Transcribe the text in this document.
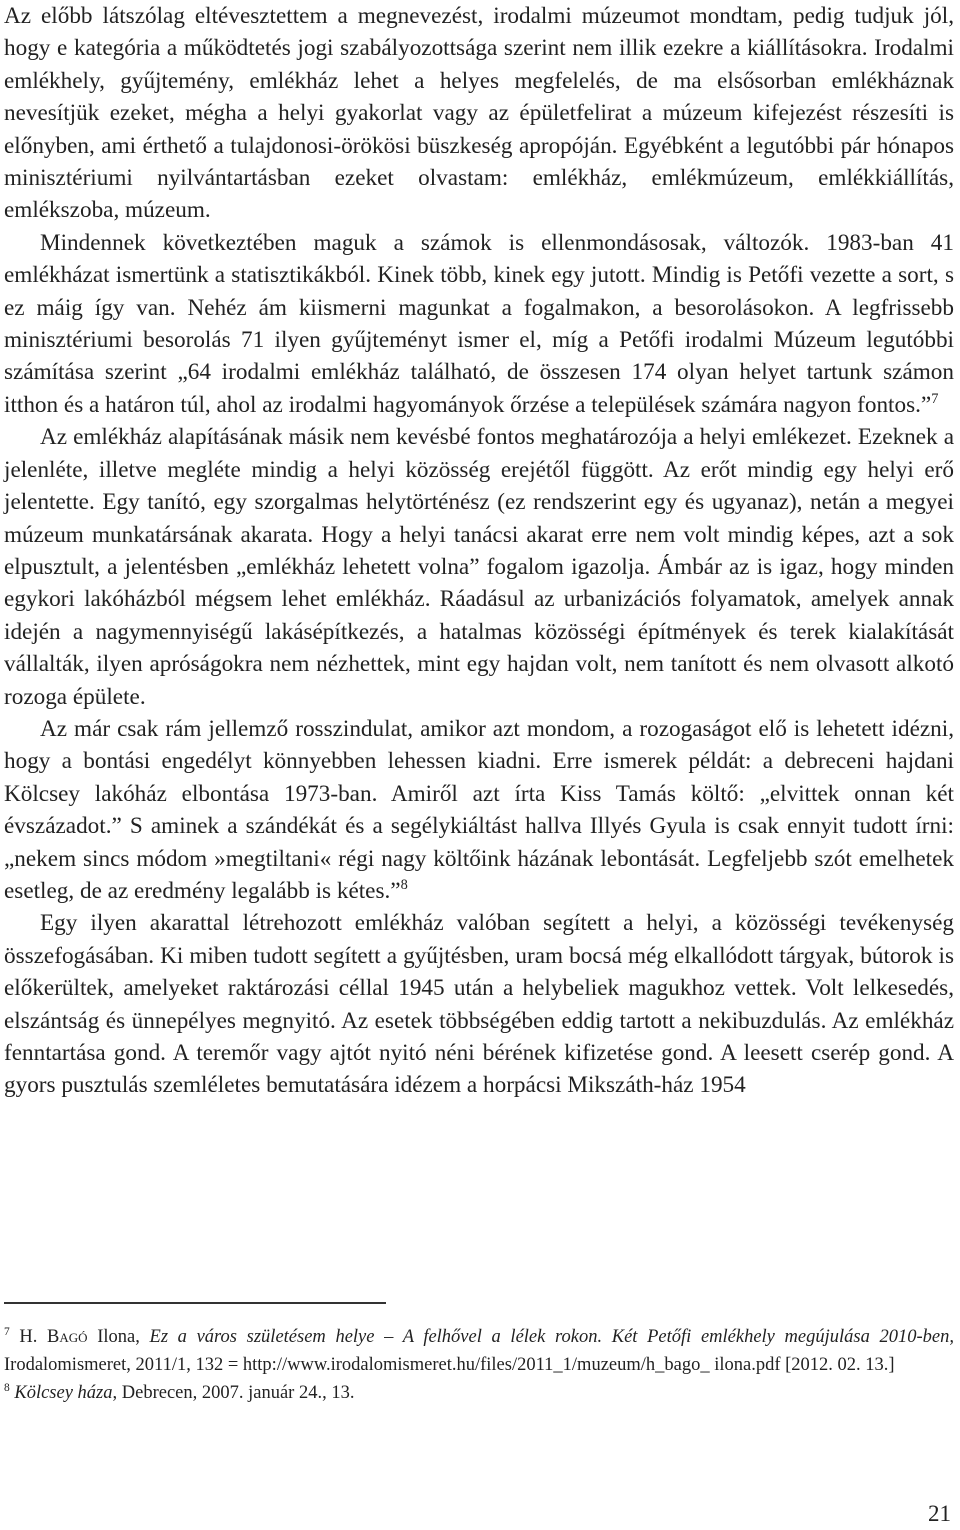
Az előbb látszólag eltévesztettem a megnevezést, irodalmi múzeumot mondtam, pedig tudjuk jól, hogy e kategória a működtetés jogi szabályozottsága szerint nem illik ezekre a kiállításokra. Irodalmi emlékhely, gyűjtemény, emlékház lehet a helyes megfelelés, de ma elsősorban emlékháznak nevesítjük ezeket, mégha a helyi gyakorlat vagy az épületfelirat a múzeum kifejezést részesíti is előnyben, ami érthető a tulajdonosi-örökösi büszkeség apropóján. Egyébként a legutóbbi pár hónapos minisztériumi nyilvántartásban ezeket olvastam: emlékház, emlékmúzeum, emlékkiállítás, emlékszoba, múzeum.

Mindennek következtében maguk a számok is ellenmondásosak, változók. 1983-ban 41 emlékházat ismertünk a statisztikákból. Kinek több, kinek egy jutott. Mindig is Petőfi vezette a sort, s ez máig így van. Nehéz ám kiismerni magunkat a fogalmakon, a besorolásokon. A legfrissebb minisztériumi besorolás 71 ilyen gyűjteményt ismer el, míg a Petőfi irodalmi Múzeum legutóbbi számítása szerint „64 irodalmi emlékház található, de összesen 174 olyan helyet tartunk számon itthon és a határon túl, ahol az irodalmi hagyományok őrzése a települések számára nagyon fontos.”$^7$

Az emlékház alapításának másik nem kevésbé fontos meghatározója a helyi emlékezet. Ezeknek a jelenléte, illetve megléte mindig a helyi közösség erejétől függött. Az erőt mindig egy helyi erő jelentette. Egy tanító, egy szorgalmas helytörténész (ez rendszerint egy és ugyanaz), netán a megyei múzeum munkatársának akarata. Hogy a helyi tanácsi akarat erre nem volt mindig képes, azt a sok elpusztult, a jelentésben „emlékház lehetett volna” fogalom igazolja. Ámbár az is igaz, hogy minden egykori lakóházból mégsem lehet emlékház. Ráadásul az urbanizációs folyamatok, amelyek annak idején a nagymennyiségű lakásépítkezés, a hatalmas közösségi építmények és terek kialakítását vállalták, ilyen apróságokra nem nézhettek, mint egy hajdan volt, nem tanított és nem olvasott alkotó rozoga épülete.

Az már csak rám jellemző rosszindulat, amikor azt mondom, a rozogaságot elő is lehetett idézni, hogy a bontási engedélyt könnyebben lehessen kiadni. Erre ismerek példát: a debreceni hajdani Kölcsey lakóház elbontása 1973-ban. Amiről azt írta Kiss Tamás költő: „elvittek onnan két évszázadot.” S aminek a szándékát és a segélykiáltást hallva Illyés Gyula is csak ennyit tudott írni: „nekem sincs módom »megtiltani« régi nagy költőink házának lebontását. Legfeljebb szót emelhetek esetleg, de az eredmény legalább is kétes.”$^8$

Egy ilyen akarattal létrehozott emlékház valóban segített a helyi, a közösségi tevékenység összefogásában. Ki miben tudott segített a gyűjtésben, uram bocsá még elkallódott tárgyak, bútorok is előkerültek, amelyeket raktározási céllal 1945 után a helybeliek magukhoz vettek. Volt lelkesedés, elszántság és ünnepélyes megnyitó. Az esetek többségében eddig tartott a nekibuzdulás. Az emlékház fenntartása gond. A teremőr vagy ajtót nyitó néni bérének kifizetése gond. A leesett cserép gond. A gyors pusztulás szemléletes bemutatására idézem a horpácsi Mikszáth-ház 1954

$^7$ H. Bagó Ilona, Ez a város születésem helye – A felhővel a lélek rokon. Két Petőfi emlékhely megújulása 2010-ben, Irodalomismeret, 2011/1, 132 = http://www.irodalomismeret.hu/files/2011_1/muzeum/h_bago_ ilona.pdf [2012. 02. 13.]

$^8$ Kölcsey háza, Debrecen, 2007. január 24., 13.

21
